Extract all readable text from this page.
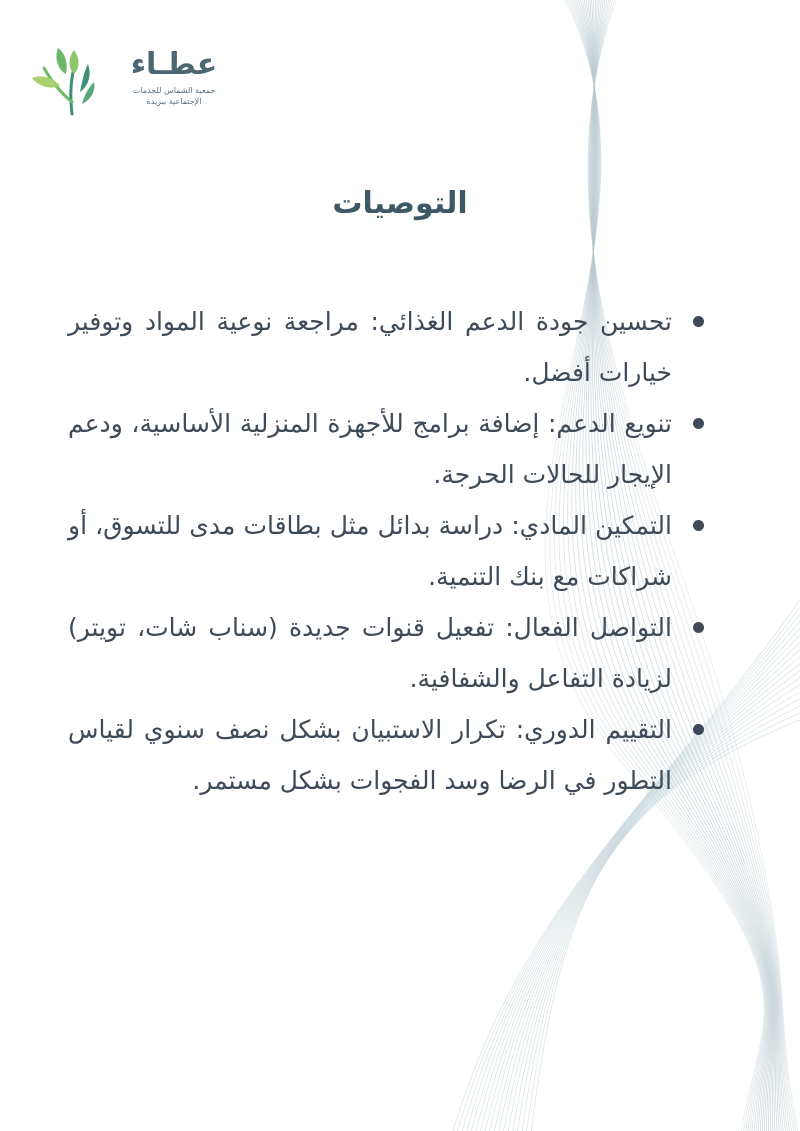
عطـاء
جمعية الشماس للخدمات
الإجتماعية ببريدة
التوصيات
تحسين جودة الدعم الغذائي: مراجعة نوعية المواد وتوفير خيارات أفضل.
تنويع الدعم: إضافة برامج للأجهزة المنزلية الأساسية، ودعم الإيجار للحالات الحرجة.
التمكين المادي: دراسة بدائل مثل بطاقات مدى للتسوق، أو شراكات مع بنك التنمية.
التواصل الفعال: تفعيل قنوات جديدة (سناب شات، تويتر) لزيادة التفاعل والشفافية.
التقييم الدوري: تكرار الاستبيان بشكل نصف سنوي لقياس التطور في الرضا وسد الفجوات بشكل مستمر.
